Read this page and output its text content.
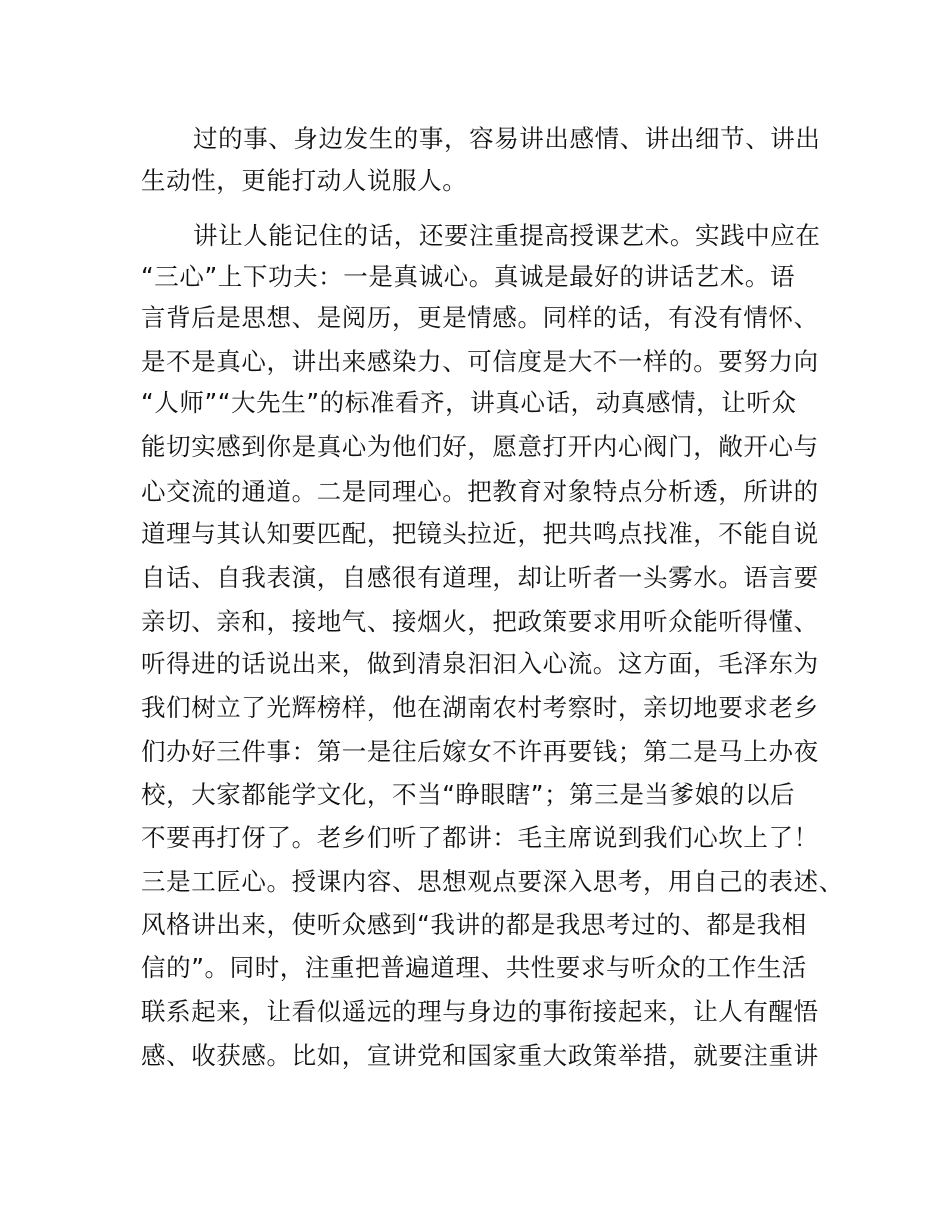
过的事、身边发生的事，容易讲出感情、讲出细节、讲出
生动性，更能打动人说服人。
讲让人能记住的话，还要注重提高授课艺术。实践中应在
“三心”上下功夫：一是真诚心。真诚是最好的讲话艺术。语
言背后是思想、是阅历，更是情感。同样的话，有没有情怀、
是不是真心，讲出来感染力、可信度是大不一样的。要努力向
“人师”“大先生”的标准看齐，讲真心话，动真感情，让听众
能切实感到你是真心为他们好，愿意打开内心阀门，敞开心与
心交流的通道。二是同理心。把教育对象特点分析透，所讲的
道理与其认知要匹配，把镜头拉近，把共鸣点找准，不能自说
自话、自我表演，自感很有道理，却让听者一头雾水。语言要
亲切、亲和，接地气、接烟火，把政策要求用听众能听得懂、
听得进的话说出来，做到清泉汩汩入心流。这方面，毛泽东为
我们树立了光辉榜样，他在湖南农村考察时，亲切地要求老乡
们办好三件事：第一是往后嫁女不许再要钱；第二是马上办夜
校，大家都能学文化，不当“睁眼瞎”；第三是当爹娘的以后
不要再打伢了。老乡们听了都讲：毛主席说到我们心坎上了！
三是工匠心。授课内容、思想观点要深入思考，用自己的表述、
风格讲出来，使听众感到“我讲的都是我思考过的、都是我相
信的”。同时，注重把普遍道理、共性要求与听众的工作生活
联系起来，让看似遥远的理与身边的事衔接起来，让人有醒悟
感、收获感。比如，宣讲党和国家重大政策举措，就要注重讲
